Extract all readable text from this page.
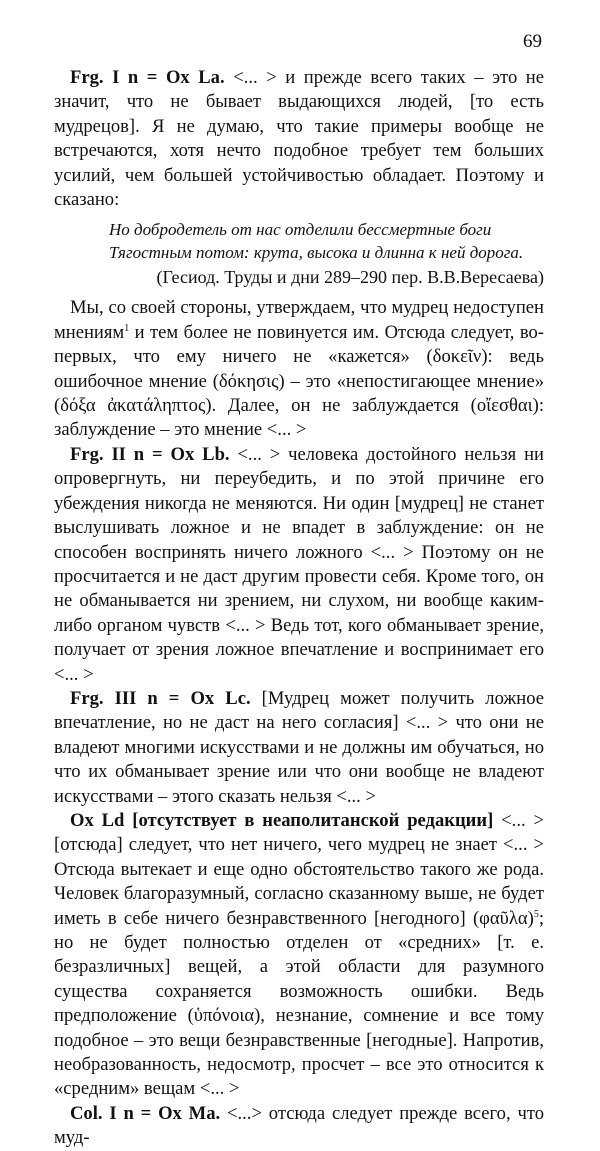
69

Frg. I n = Ox La. <... > и прежде всего таких – это не значит, что не бывает выдающихся людей, [то есть мудрецов]. Я не думаю, что такие примеры вообще не встречаются, хотя нечто подобное требует тем больших усилий, чем большей устойчивостью обладает. Поэтому и сказано:

Но добродетель от нас отделили бессмертные боги
Тягостным потом: крута, высока и длинна к ней дорога.
(Гесиод. Труды и дни 289–290 пер. В.В.Вересаева)

Мы, со своей стороны, утверждаем, что мудрец недоступен мнениям$^1$ и тем более не повинуется им. Отсюда следует, во-первых, что ему ничего не «кажется» (δοκεῖν): ведь ошибочное мнение (δόκησις) – это «непостигающее мнение» (δόξα ἀκατάληπτος). Далее, он не заблуждается (οἴεσθαι): заблуждение – это мнение <... >

Frg. II n = Ox Lb. <... > человека достойного нельзя ни опровергнуть, ни переубедить, и по этой причине его убеждения никогда не меняются. Ни один [мудрец] не станет выслушивать ложное и не впадет в заблуждение: он не способен воспринять ничего ложного <... > Поэтому он не просчитается и не даст другим провести себя. Кроме того, он не обманывается ни зрением, ни слухом, ни вообще каким-либо органом чувств <... > Ведь тот, кого обманывает зрение, получает от зрения ложное впечатление и воспринимает его <... >

Frg. III n = Ox Lc. [Мудрец может получить ложное впечатление, но не даст на него согласия] <... > что они не владеют многими искусствами и не должны им обучаться, но что их обманывает зрение или что они вообще не владеют искусствами – этого сказать нельзя <... >

Ox Ld [отсутствует в неаполитанской редакции] <... > [отсюда] следует, что нет ничего, чего мудрец не знает <... > Отсюда вытекает и еще одно обстоятельство такого же рода. Человек благоразумный, согласно сказанному выше, не будет иметь в себе ничего безнравственного [негодного] (φαῦλα)$^5$; но не будет полностью отделен от «средних» [т. е. безразличных] вещей, а этой области для разумного существа сохраняется возможность ошибки. Ведь предположение (ὑπόνοια), незнание, сомнение и все тому подобное – это вещи безнравственные [негодные]. Напротив, необразованность, недосмотр, просчет – все это относится к «средним» вещам <... >

Col. I n = Ox Ma. <...> отсюда следует прежде всего, что муд-
